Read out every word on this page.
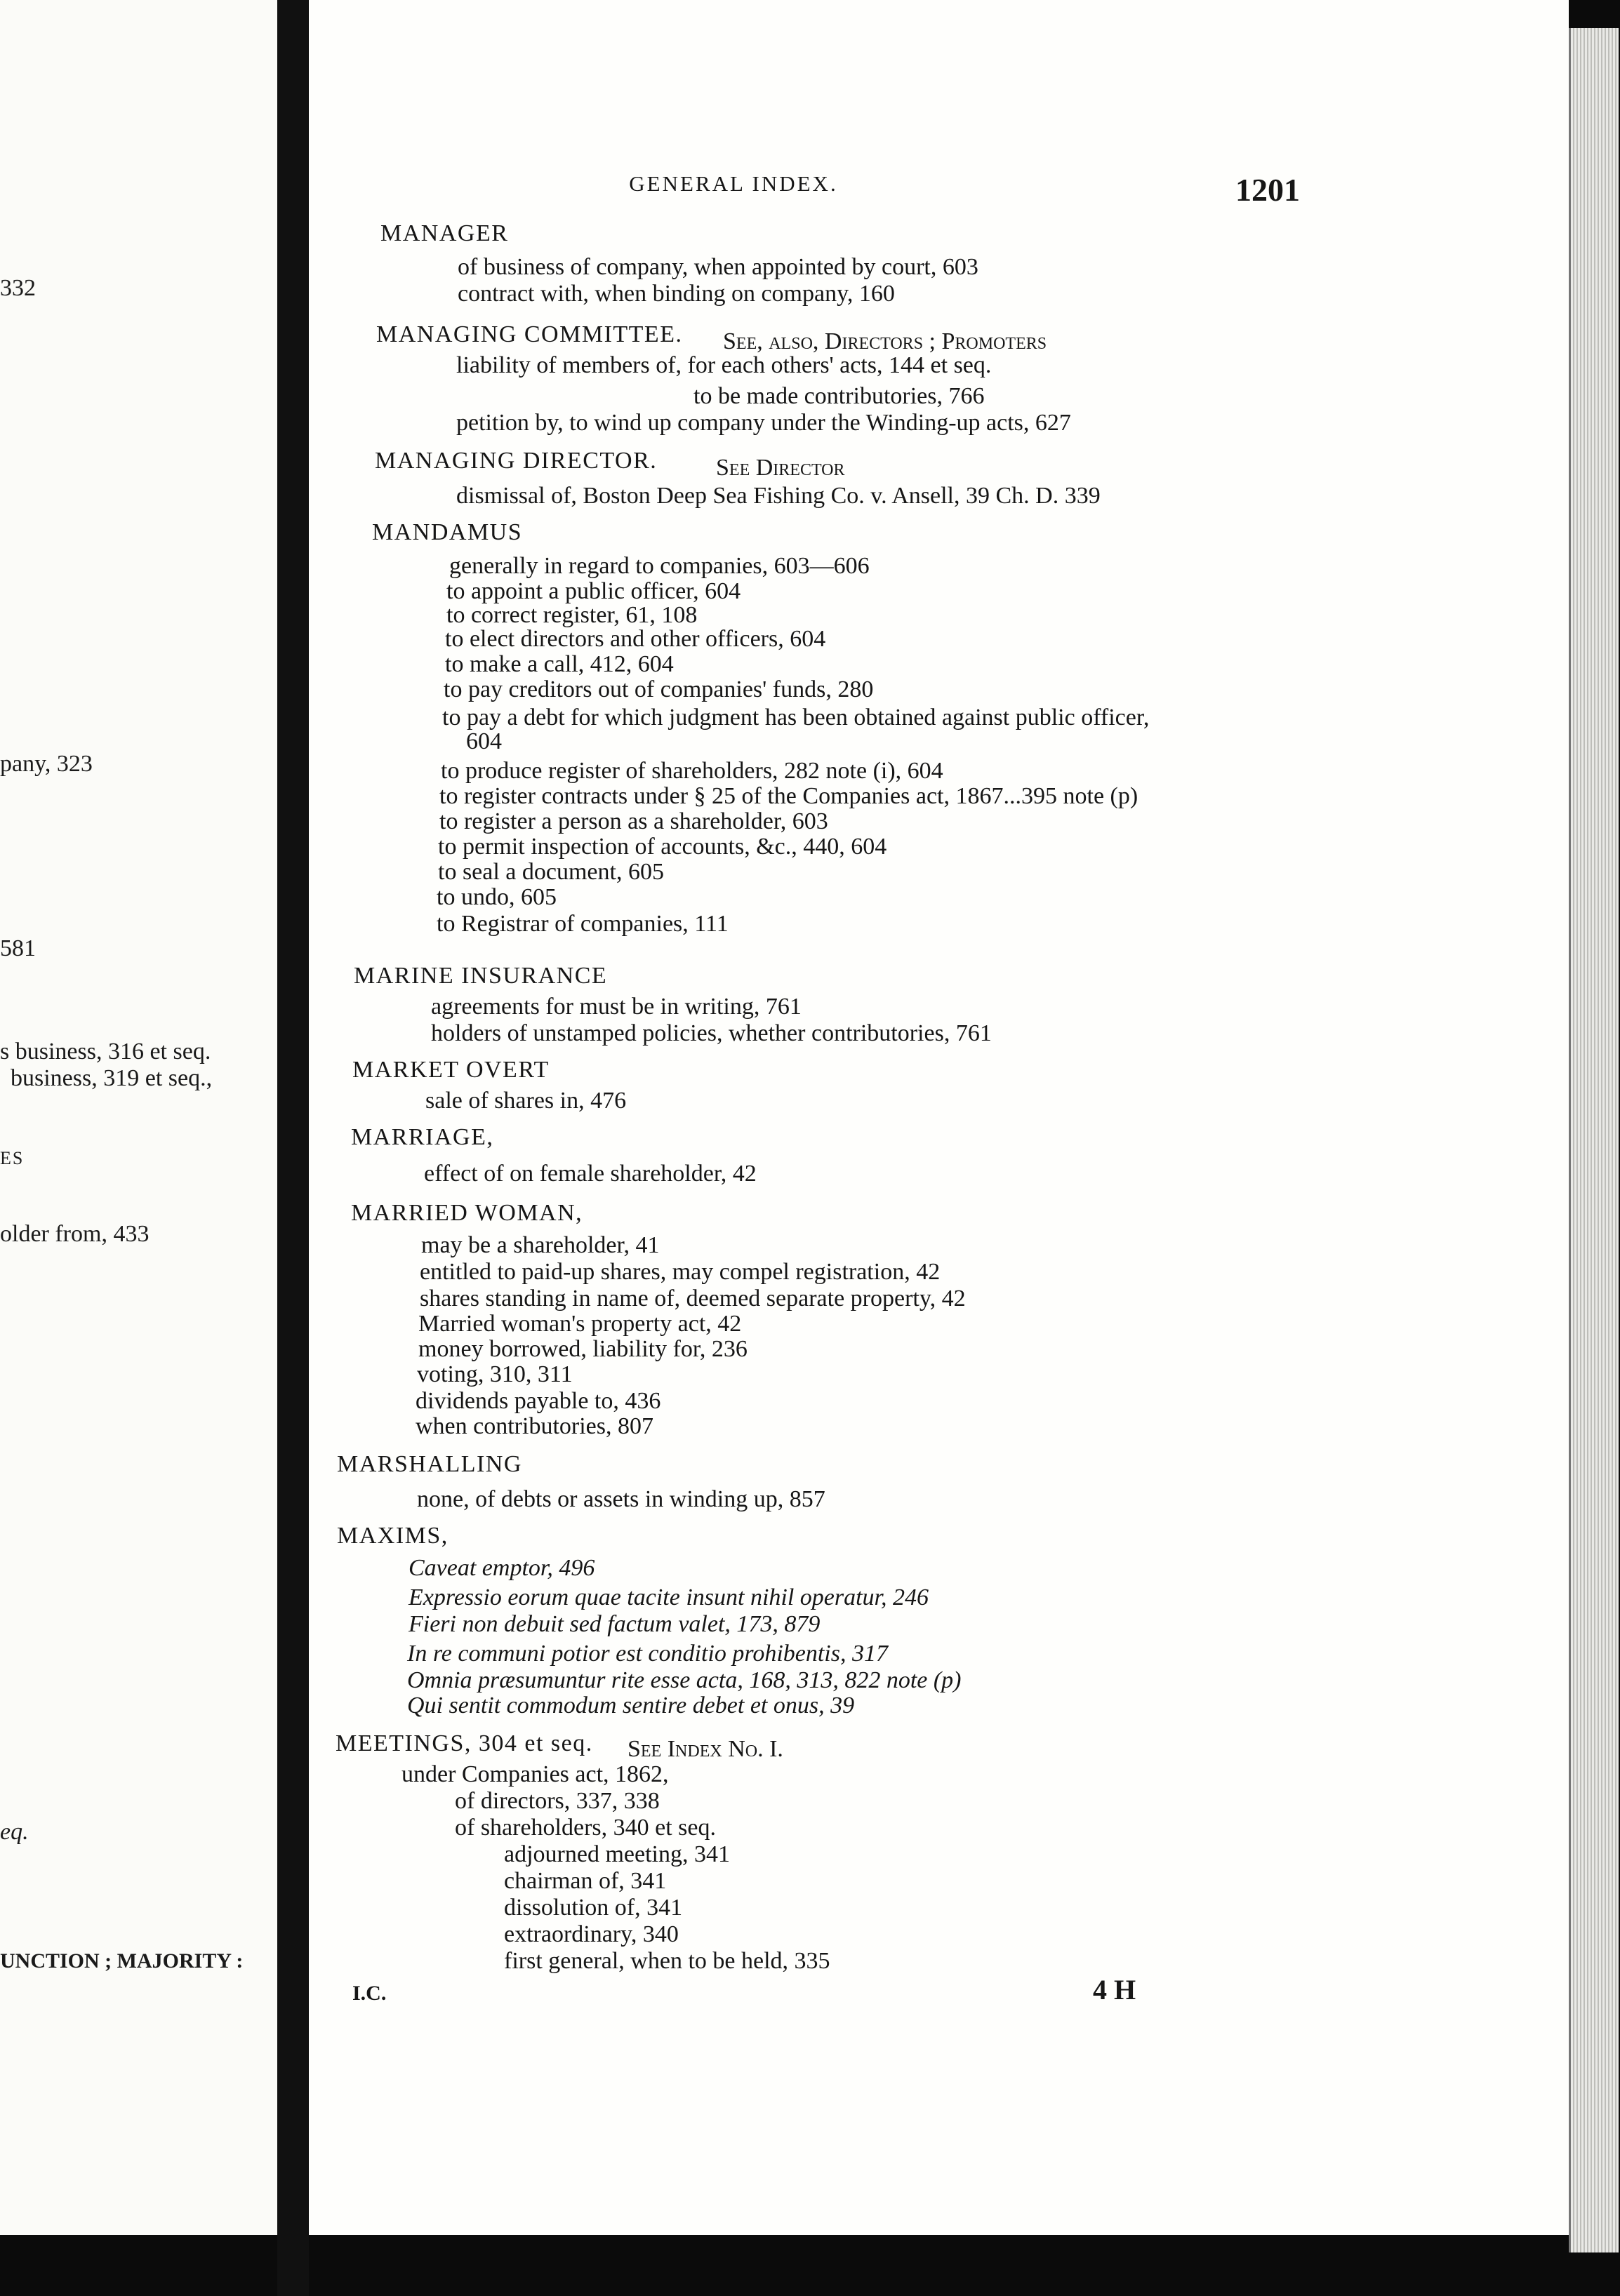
332
pany, 323
581
s business, 316 et seq.
business, 319 et seq.,
ES
older from, 433
eq.
UNCTION ; MAJORITY :
GENERAL INDEX.	1201
MANAGER
of business of company, when appointed by court, 603
contract with, when binding on company, 160
MANAGING COMMITTEE. See, also, Directors ; Promoters
liability of members of, for each others' acts, 144 et seq.
to be made contributories, 766
petition by, to wind up company under the Winding-up acts, 627
MANAGING DIRECTOR. See Director
dismissal of, Boston Deep Sea Fishing Co. v. Ansell, 39 Ch. D. 339
MANDAMUS
generally in regard to companies, 603—606
to appoint a public officer, 604
to correct register, 61, 108
to elect directors and other officers, 604
to make a call, 412, 604
to pay creditors out of companies' funds, 280
to pay a debt for which judgment has been obtained against public officer,
604
to produce register of shareholders, 282 note (i), 604
to register contracts under § 25 of the Companies act, 1867...395 note (p)
to register a person as a shareholder, 603
to permit inspection of accounts, &c., 440, 604
to seal a document, 605
to undo, 605
to Registrar of companies, 111
MARINE INSURANCE
agreements for must be in writing, 761
holders of unstamped policies, whether contributories, 761
MARKET OVERT
sale of shares in, 476
MARRIAGE,
effect of on female shareholder, 42
MARRIED WOMAN,
may be a shareholder, 41
entitled to paid-up shares, may compel registration, 42
shares standing in name of, deemed separate property, 42
Married woman's property act, 42
money borrowed, liability for, 236
voting, 310, 311
dividends payable to, 436
when contributories, 807
MARSHALLING
none, of debts or assets in winding up, 857
MAXIMS,
Caveat emptor, 496
Expressio eorum quae tacite insunt nihil operatur, 246
Fieri non debuit sed factum valet, 173, 879
In re communi potior est conditio prohibentis, 317
Omnia præsumuntur rite esse acta, 168, 313, 822 note (p)
Qui sentit commodum sentire debet et onus, 39
MEETINGS, 304 et seq. See Index No. I.
under Companies act, 1862,
of directors, 337, 338
of shareholders, 340 et seq.
adjourned meeting, 341
chairman of, 341
dissolution of, 341
extraordinary, 340
first general, when to be held, 335
I.C.	4 H
